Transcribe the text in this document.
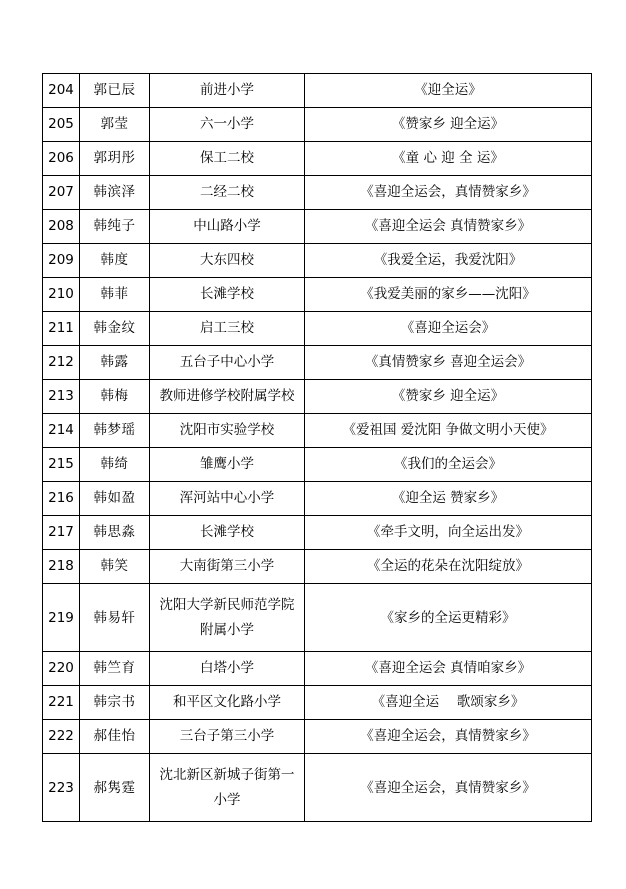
204	郭已辰	前进小学	《迎全运》
205	郭莹	六一小学	《赞家乡 迎全运》
206	郭玥彤	保工二校	《童 心 迎 全 运》
207	韩滨泽	二经二校	《喜迎全运会，真情赞家乡》
208	韩纯子	中山路小学	《喜迎全运会 真情赞家乡》
209	韩度	大东四校	《我爱全运，我爱沈阳》
210	韩菲	长滩学校	《我爱美丽的家乡——沈阳》
211	韩金纹	启工三校	《喜迎全运会》
212	韩露	五台子中心小学	《真情赞家乡 喜迎全运会》
213	韩梅	教师进修学校附属学校	《赞家乡 迎全运》
214	韩梦瑶	沈阳市实验学校	《爱祖国 爱沈阳 争做文明小天使》
215	韩绮	雏鹰小学	《我们的全运会》
216	韩如盈	浑河站中心小学	《迎全运 赞家乡》
217	韩思淼	长滩学校	《牵手文明，向全运出发》
218	韩笑	大南街第三小学	《全运的花朵在沈阳绽放》
219	韩易轩	沈阳大学新民师范学院
附属小学	《家乡的全运更精彩》
220	韩竺育	白塔小学	《喜迎全运会 真情咱家乡》
221	韩宗书	和平区文化路小学	《喜迎全运　 歌颂家乡》
222	郝佳怡	三台子第三小学	《喜迎全运会，真情赞家乡》
223	郝隽霆	沈北新区新城子街第一
小学	《喜迎全运会，真情赞家乡》
